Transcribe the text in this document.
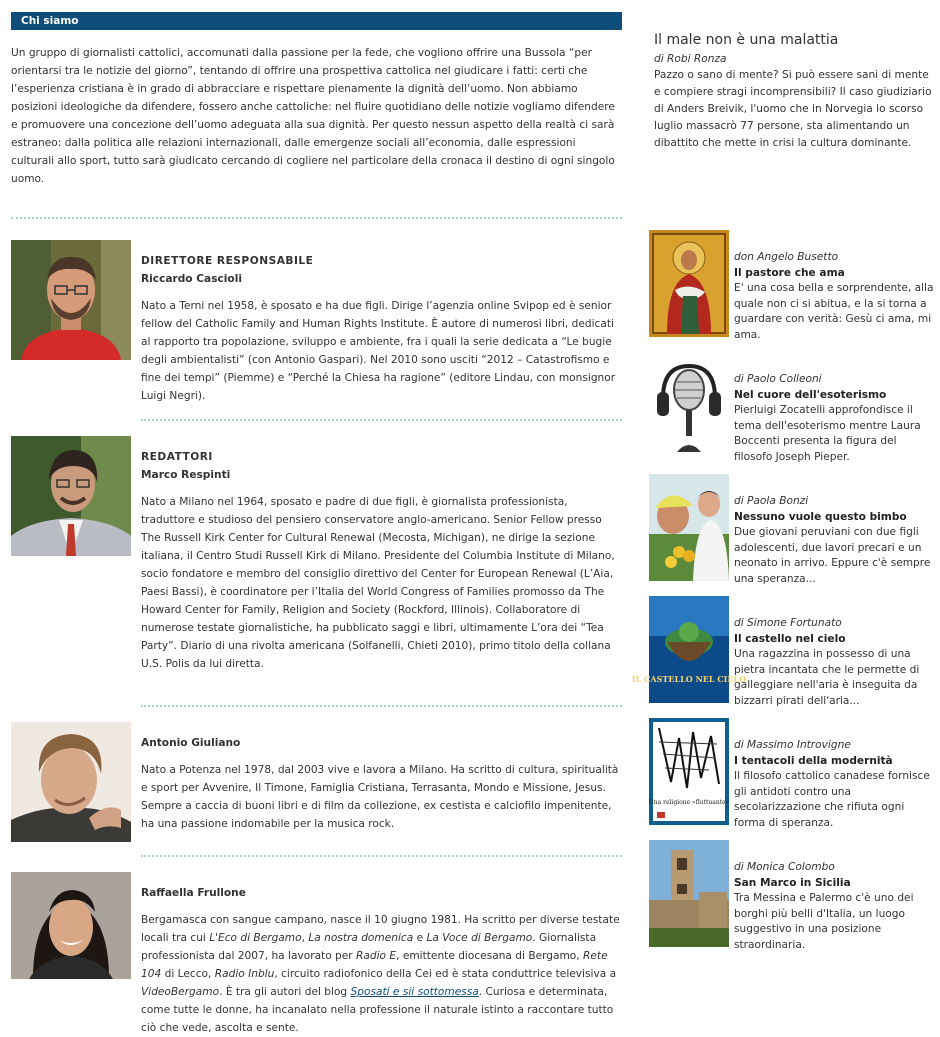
Chi siamo

Un gruppo di giornalisti cattolici, accomunati dalla passione per la fede, che vogliono offrire una Bussola “per orientarsi tra le notizie del giorno”, tentando di offrire una prospettiva cattolica nel giudicare i fatti: certi che l’esperienza cristiana è in grado di abbracciare e rispettare pienamente la dignità dell’uomo. Non abbiamo posizioni ideologiche da difendere, fossero anche cattoliche: nel fluire quotidiano delle notizie vogliamo difendere e promuovere una concezione dell’uomo adeguata alla sua dignità. Per questo nessun aspetto della realtà ci sarà estraneo: dalla politica alle relazioni internazionali, dalle emergenze sociali all’economia, dalle espressioni culturali allo sport, tutto sarà giudicato cercando di cogliere nel particolare della cronaca il destino di ogni singolo uomo.

DIRETTORE RESPONSABILE
Riccardo Cascioli
Nato a Terni nel 1958, è sposato e ha due figli. Dirige l’agenzia online Svipop ed è senior fellow del Catholic Family and Human Rights Institute. È autore di numerosi libri, dedicati al rapporto tra popolazione, sviluppo e ambiente, fra i quali la serie dedicata a “Le bugie degli ambientalisti” (con Antonio Gaspari). Nel 2010 sono usciti “2012 – Catastrofismo e fine dei tempi” (Piemme) e “Perché la Chiesa ha ragione” (editore Lindau, con monsignor Luigi Negri).
REDATTORI
Marco Respinti
Nato a Milano nel 1964, sposato e padre di due figli, è giornalista professionista, traduttore e studioso del pensiero conservatore anglo-americano. Senior Fellow presso The Russell Kirk Center for Cultural Renewal (Mecosta, Michigan), ne dirige la sezione italiana, il Centro Studi Russell Kirk di Milano. Presidente del Columbia Institute di Milano, socio fondatore e membro del consiglio direttivo del Center for European Renewal (L’Aia, Paesi Bassi), è coordinatore per l’Italia del World Congress of Families promosso da The Howard Center for Family, Religion and Society (Rockford, Illinois). Collaboratore di numerose testate giornalistiche, ha pubblicato saggi e libri, ultimamente L’ora dei “Tea Party”. Diario di una rivolta americana (Solfanelli, Chieti 2010), primo titolo della collana U.S. Polis da lui diretta.
Antonio Giuliano
Nato a Potenza nel 1978, dal 2003 vive e lavora a Milano. Ha scritto di cultura, spiritualità e sport per Avvenire, Il Timone, Famiglia Cristiana, Terrasanta, Mondo e Missione, Jesus. Sempre a caccia di buoni libri e di film da collezione, ex cestista e calciofilo impenitente, ha una passione indomabile per la musica rock.
Raffaella Frullone
Bergamasca con sangue campano, nasce il 10 giugno 1981. Ha scritto per diverse testate locali tra cui L'Eco di Bergamo, La nostra domenica e La Voce di Bergamo. Giornalista professionista dal 2007, ha lavorato per Radio E, emittente diocesana di Bergamo, Rete 104 di Lecco, Radio Inblu, circuito radiofonico della Cei ed è stata conduttrice televisiva a VideoBergamo. È tra gli autori del blog Sposati e sii sottomessa. Curiosa e determinata, come tutte le donne, ha incanalato nella professione il naturale istinto a raccontare tutto ciò che vede, ascolta e sente.
Il male non è una malattia
di Robi Ronza
Pazzo o sano di mente? Si può essere sani di mente e compiere stragi incomprensibili? Il caso giudiziario di Anders Breivik, l'uomo che in Norvegia lo scorso luglio massacrò 77 persone, sta alimentando un dibattito che mette in crisi la cultura dominante.
don Angelo Busetto
Il pastore che ama
E' una cosa bella e sorprendente, alla quale non ci si abitua, e la si torna a guardare con verità: Gesù ci ama, mi ama.
di Paolo Colleoni
Nel cuore dell'esoterismo
Pierluigi Zocatelli approfondisce il tema dell'esoterismo mentre Laura Boccenti presenta la figura del filosofo Joseph Pieper.
di Paola Bonzi
Nessuno vuole questo bimbo
Due giovani peruviani con due figli adolescenti, due lavori precari e un neonato in arrivo. Eppure c'è sempre una speranza...
IL CASTELLO NEL CIELO
di Simone Fortunato
Il castello nel cielo
Una ragazzina in possesso di una pietra incantata che le permette di galleggiare nell'aria è inseguita da bizzarri pirati dell'aria...
Una religione «fluttuante»
di Massimo Introvigne
I tentacoli della modernità
Il filosofo cattolico canadese fornisce gli antidoti contro una secolarizzazione che rifiuta ogni forma di speranza.
di Monica Colombo
San Marco in Sicilia
Tra Messina e Palermo c'è uno dei borghi più belli d'Italia, un luogo suggestivo in una posizione straordinaria.
